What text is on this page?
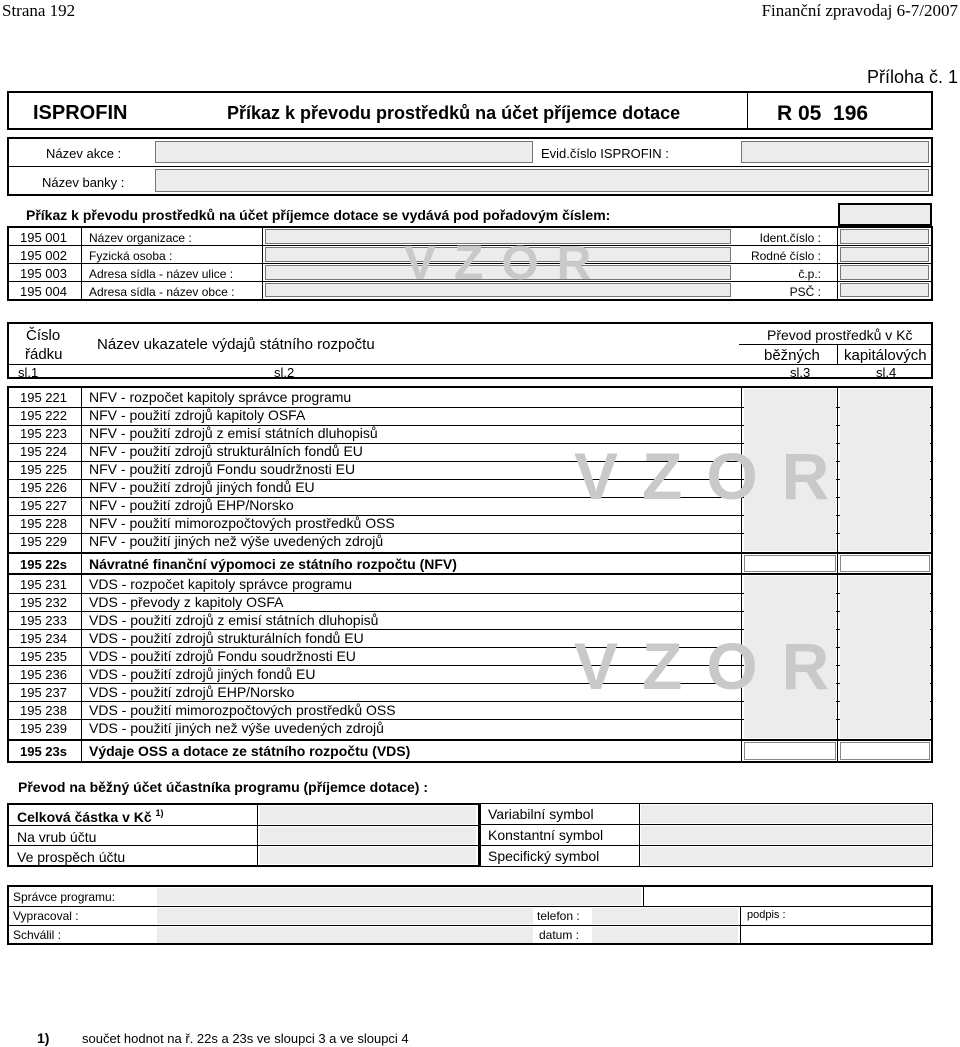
Strana 192	Finanční zpravodaj 6-7/2007
Příloha č. 1
ISPROFIN	Příkaz k převodu prostředků na účet příjemce dotace	R 05  196
Název akce :	Evid.číslo ISPROFIN :
Název banky :
Příkaz k převodu prostředků na účet příjemce dotace se vydává pod pořadovým číslem:
195 001 Název organizace :	Ident.číslo :
195 002 Fyzická osoba :	Rodné číslo :
195 003 Adresa sídla - název ulice :	č.p.:
195 004 Adresa sídla - název obce :	PSČ :
VZOR
Číslo
řádku
Název ukazatele výdajů státního rozpočtu
Převod prostředků v Kč
běžných kapitálových
sl.1	sl.2	sl.3	sl.4
195 221 NFV - rozpočet kapitoly správce programu
195 222 NFV - použití zdrojů kapitoly OSFA
195 223 NFV - použití zdrojů z emisí státních dluhopisů
195 224 NFV - použití zdrojů strukturálních fondů EU
195 225 NFV - použití zdrojů Fondu soudržnosti EU
195 226 NFV - použití zdrojů jiných fondů EU
195 227 NFV - použití zdrojů EHP/Norsko
195 228 NFV - použití mimorozpočtových prostředků OSS
195 229 NFV - použití jiných než výše uvedených zdrojů
195 22s Návratné finanční výpomoci ze státního rozpočtu (NFV)
195 231 VDS - rozpočet kapitoly správce programu
195 232 VDS - převody z kapitoly OSFA
195 233 VDS - použití zdrojů z emisí státních dluhopisů
195 234 VDS - použití zdrojů strukturálních fondů EU
195 235 VDS - použití zdrojů Fondu soudržnosti EU
195 236 VDS - použití zdrojů jiných fondů EU
195 237 VDS - použití zdrojů EHP/Norsko
195 238 VDS - použití mimorozpočtových prostředků OSS
195 239 VDS - použití jiných než výše uvedených zdrojů
195 23s Výdaje OSS a dotace ze státního rozpočtu (VDS)
VZOR
VZOR
Převod na běžný účet účastníka programu (příjemce dotace) :
Celková částka v Kč $^{1)}$
Na vrub účtu
Ve prospěch účtu
Variabilní symbol
Konstantní symbol
Specifický symbol
Správce programu:
Vypracoval :
Schválil :
telefon :
datum :
podpis :
1)	součet hodnot na ř. 22s a 23s ve sloupci 3 a ve sloupci 4
